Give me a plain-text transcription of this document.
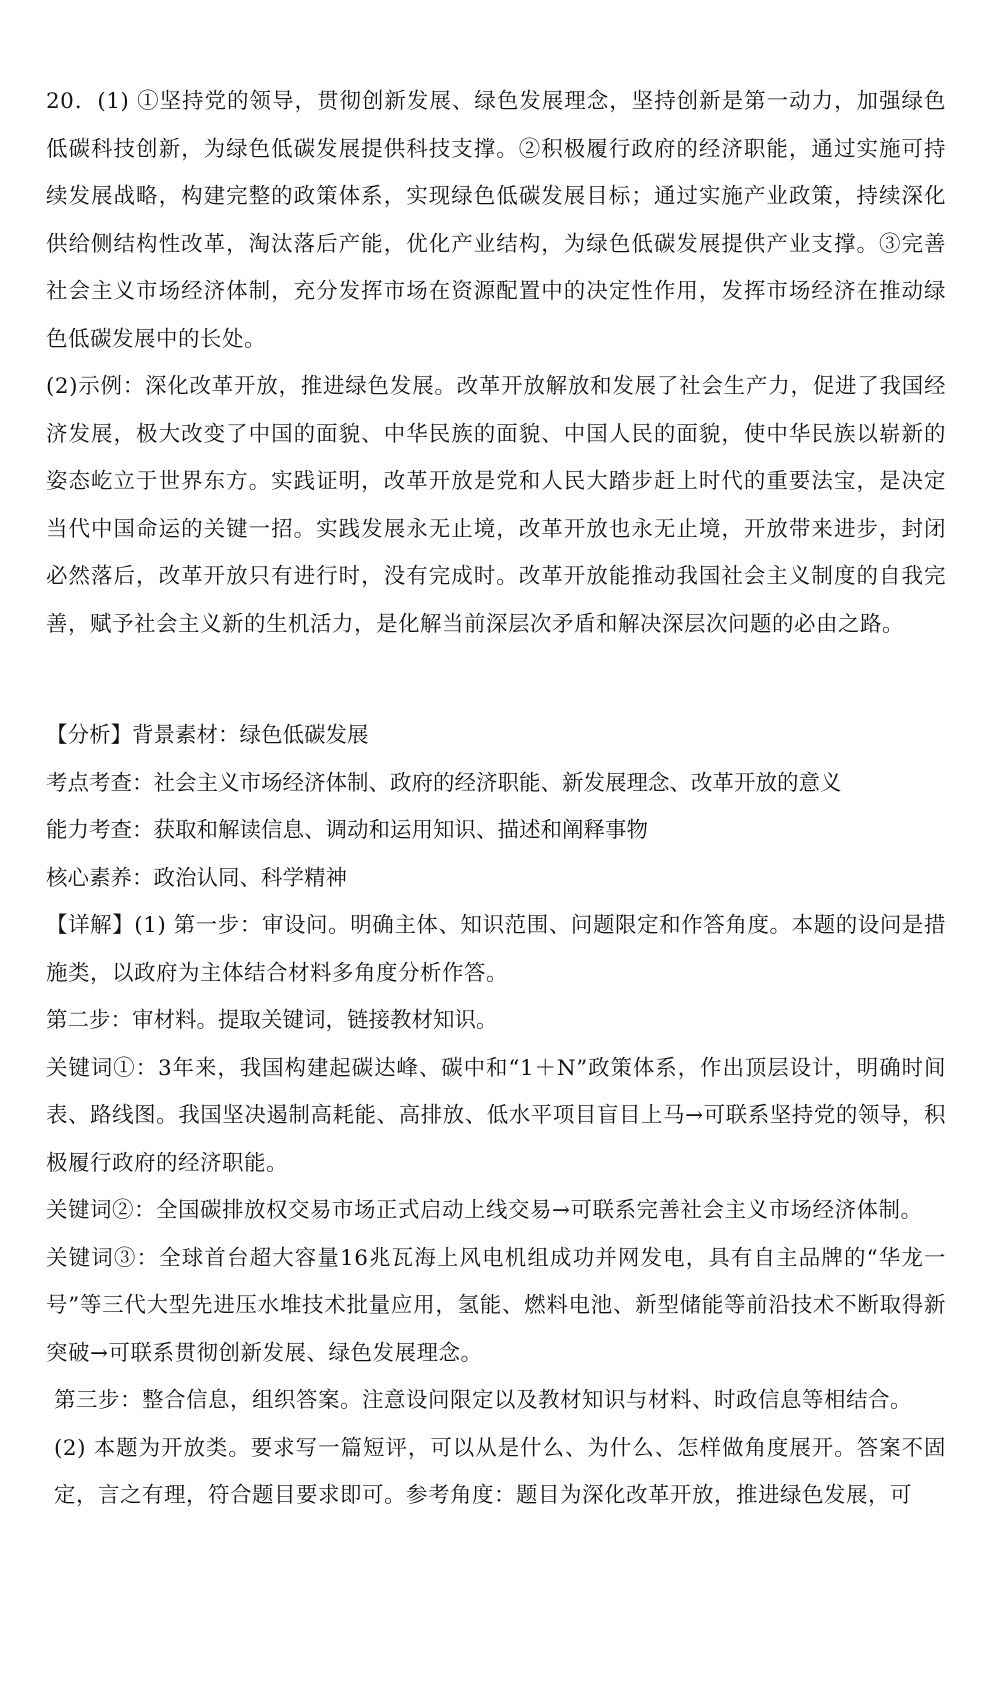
20．(1) ①坚持党的领导，贯彻创新发展、绿色发展理念，坚持创新是第一动力，加强绿色低碳科技创新，为绿色低碳发展提供科技支撑。②积极履行政府的经济职能，通过实施可持续发展战略，构建完整的政策体系，实现绿色低碳发展目标；通过实施产业政策，持续深化供给侧结构性改革，淘汰落后产能，优化产业结构，为绿色低碳发展提供产业支撑。③完善社会主义市场经济体制，充分发挥市场在资源配置中的决定性作用，发挥市场经济在推动绿色低碳发展中的长处。

(2)示例：深化改革开放，推进绿色发展。改革开放解放和发展了社会生产力，促进了我国经济发展，极大改变了中国的面貌、中华民族的面貌、中国人民的面貌，使中华民族以崭新的姿态屹立于世界东方。实践证明，改革开放是党和人民大踏步赶上时代的重要法宝，是决定当代中国命运的关键一招。实践发展永无止境，改革开放也永无止境，开放带来进步，封闭必然落后，改革开放只有进行时，没有完成时。改革开放能推动我国社会主义制度的自我完善，赋予社会主义新的生机活力，是化解当前深层次矛盾和解决深层次问题的必由之路。

【分析】背景素材：绿色低碳发展

考点考查：社会主义市场经济体制、政府的经济职能、新发展理念、改革开放的意义

能力考查：获取和解读信息、调动和运用知识、描述和阐释事物

核心素养：政治认同、科学精神

【详解】(1) 第一步：审设问。明确主体、知识范围、问题限定和作答角度。本题的设问是措施类，以政府为主体结合材料多角度分析作答。

第二步：审材料。提取关键词，链接教材知识。

关键词①：3年来，我国构建起碳达峰、碳中和“1＋N”政策体系，作出顶层设计，明确时间表、路线图。我国坚决遏制高耗能、高排放、低水平项目盲目上马→可联系坚持党的领导，积极履行政府的经济职能。

关键词②：全国碳排放权交易市场正式启动上线交易→可联系完善社会主义市场经济体制。

关键词③：全球首台超大容量16兆瓦海上风电机组成功并网发电，具有自主品牌的“华龙一号”等三代大型先进压水堆技术批量应用，氢能、燃料电池、新型储能等前沿技术不断取得新突破→可联系贯彻创新发展、绿色发展理念。

第三步：整合信息，组织答案。注意设问限定以及教材知识与材料、时政信息等相结合。

(2) 本题为开放类。要求写一篇短评，可以从是什么、为什么、怎样做角度展开。答案不固定，言之有理，符合题目要求即可。参考角度：题目为深化改革开放，推进绿色发展，可
